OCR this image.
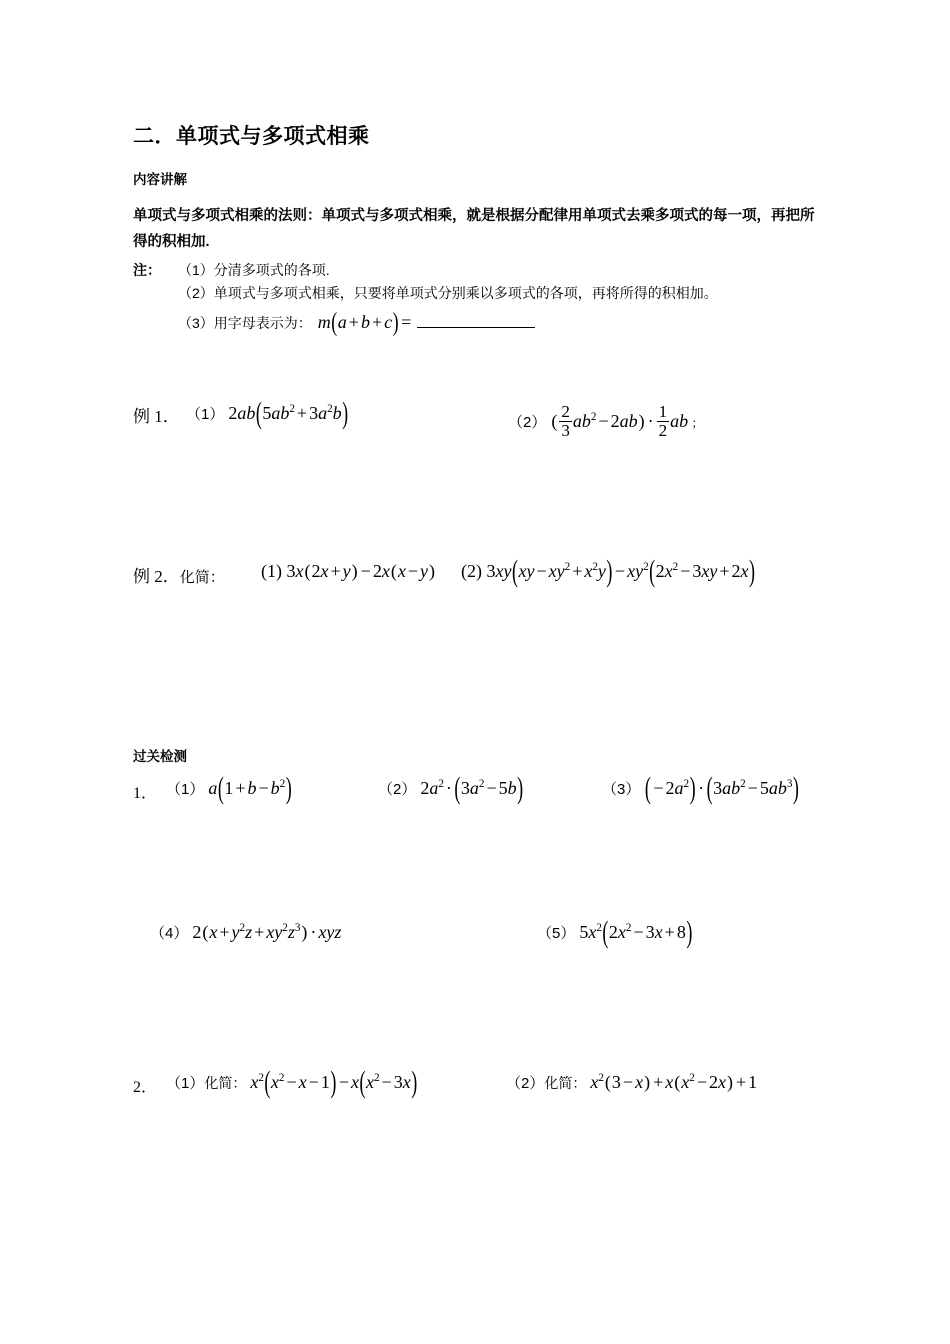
二．单项式与多项式相乘
内容讲解
单项式与多项式相乘的法则：单项式与多项式相乘，就是根据分配律用单项式去乘多项式的每一项，再把所得的积相加.
注： （1）分清多项式的各项.
（2）单项式与多项式相乘，只要将单项式分别乘以多项式的各项，再将所得的积相加。
（3） 用字母表示为： m(a + b + c) =
例 1． （1） $2ab(5ab^2 + 3a^2b)$	（2） ( $\frac{2}{3} ab^2 - 2ab) \cdot \frac{1}{2}$ ab ；
例 2．化简： (1) 3x(2x + y) − 2x(x − y) (2) $3xy(xy - xy^2 + x^2y) - xy^2(2x^2 - 3xy + 2x)$
过关检测
1． （1） $a(1 + b - b^2)$	（2） $2a^2 \cdot (3a^2 - 5b)$	（3） ( − $2a^2) \cdot (3ab^2 - 5ab^3)$
（4） $2(x + y^2z + xy^2z^3)$ · xyz	（5） $5x^2(2x^2 - 3x + 8)$
2． （1）化简： $x^2(x^2 - x - 1) - x(x^2 - 3x)$	（2）化简： $x^2(3 - x) + x(x^2 - 2x) + 1$
